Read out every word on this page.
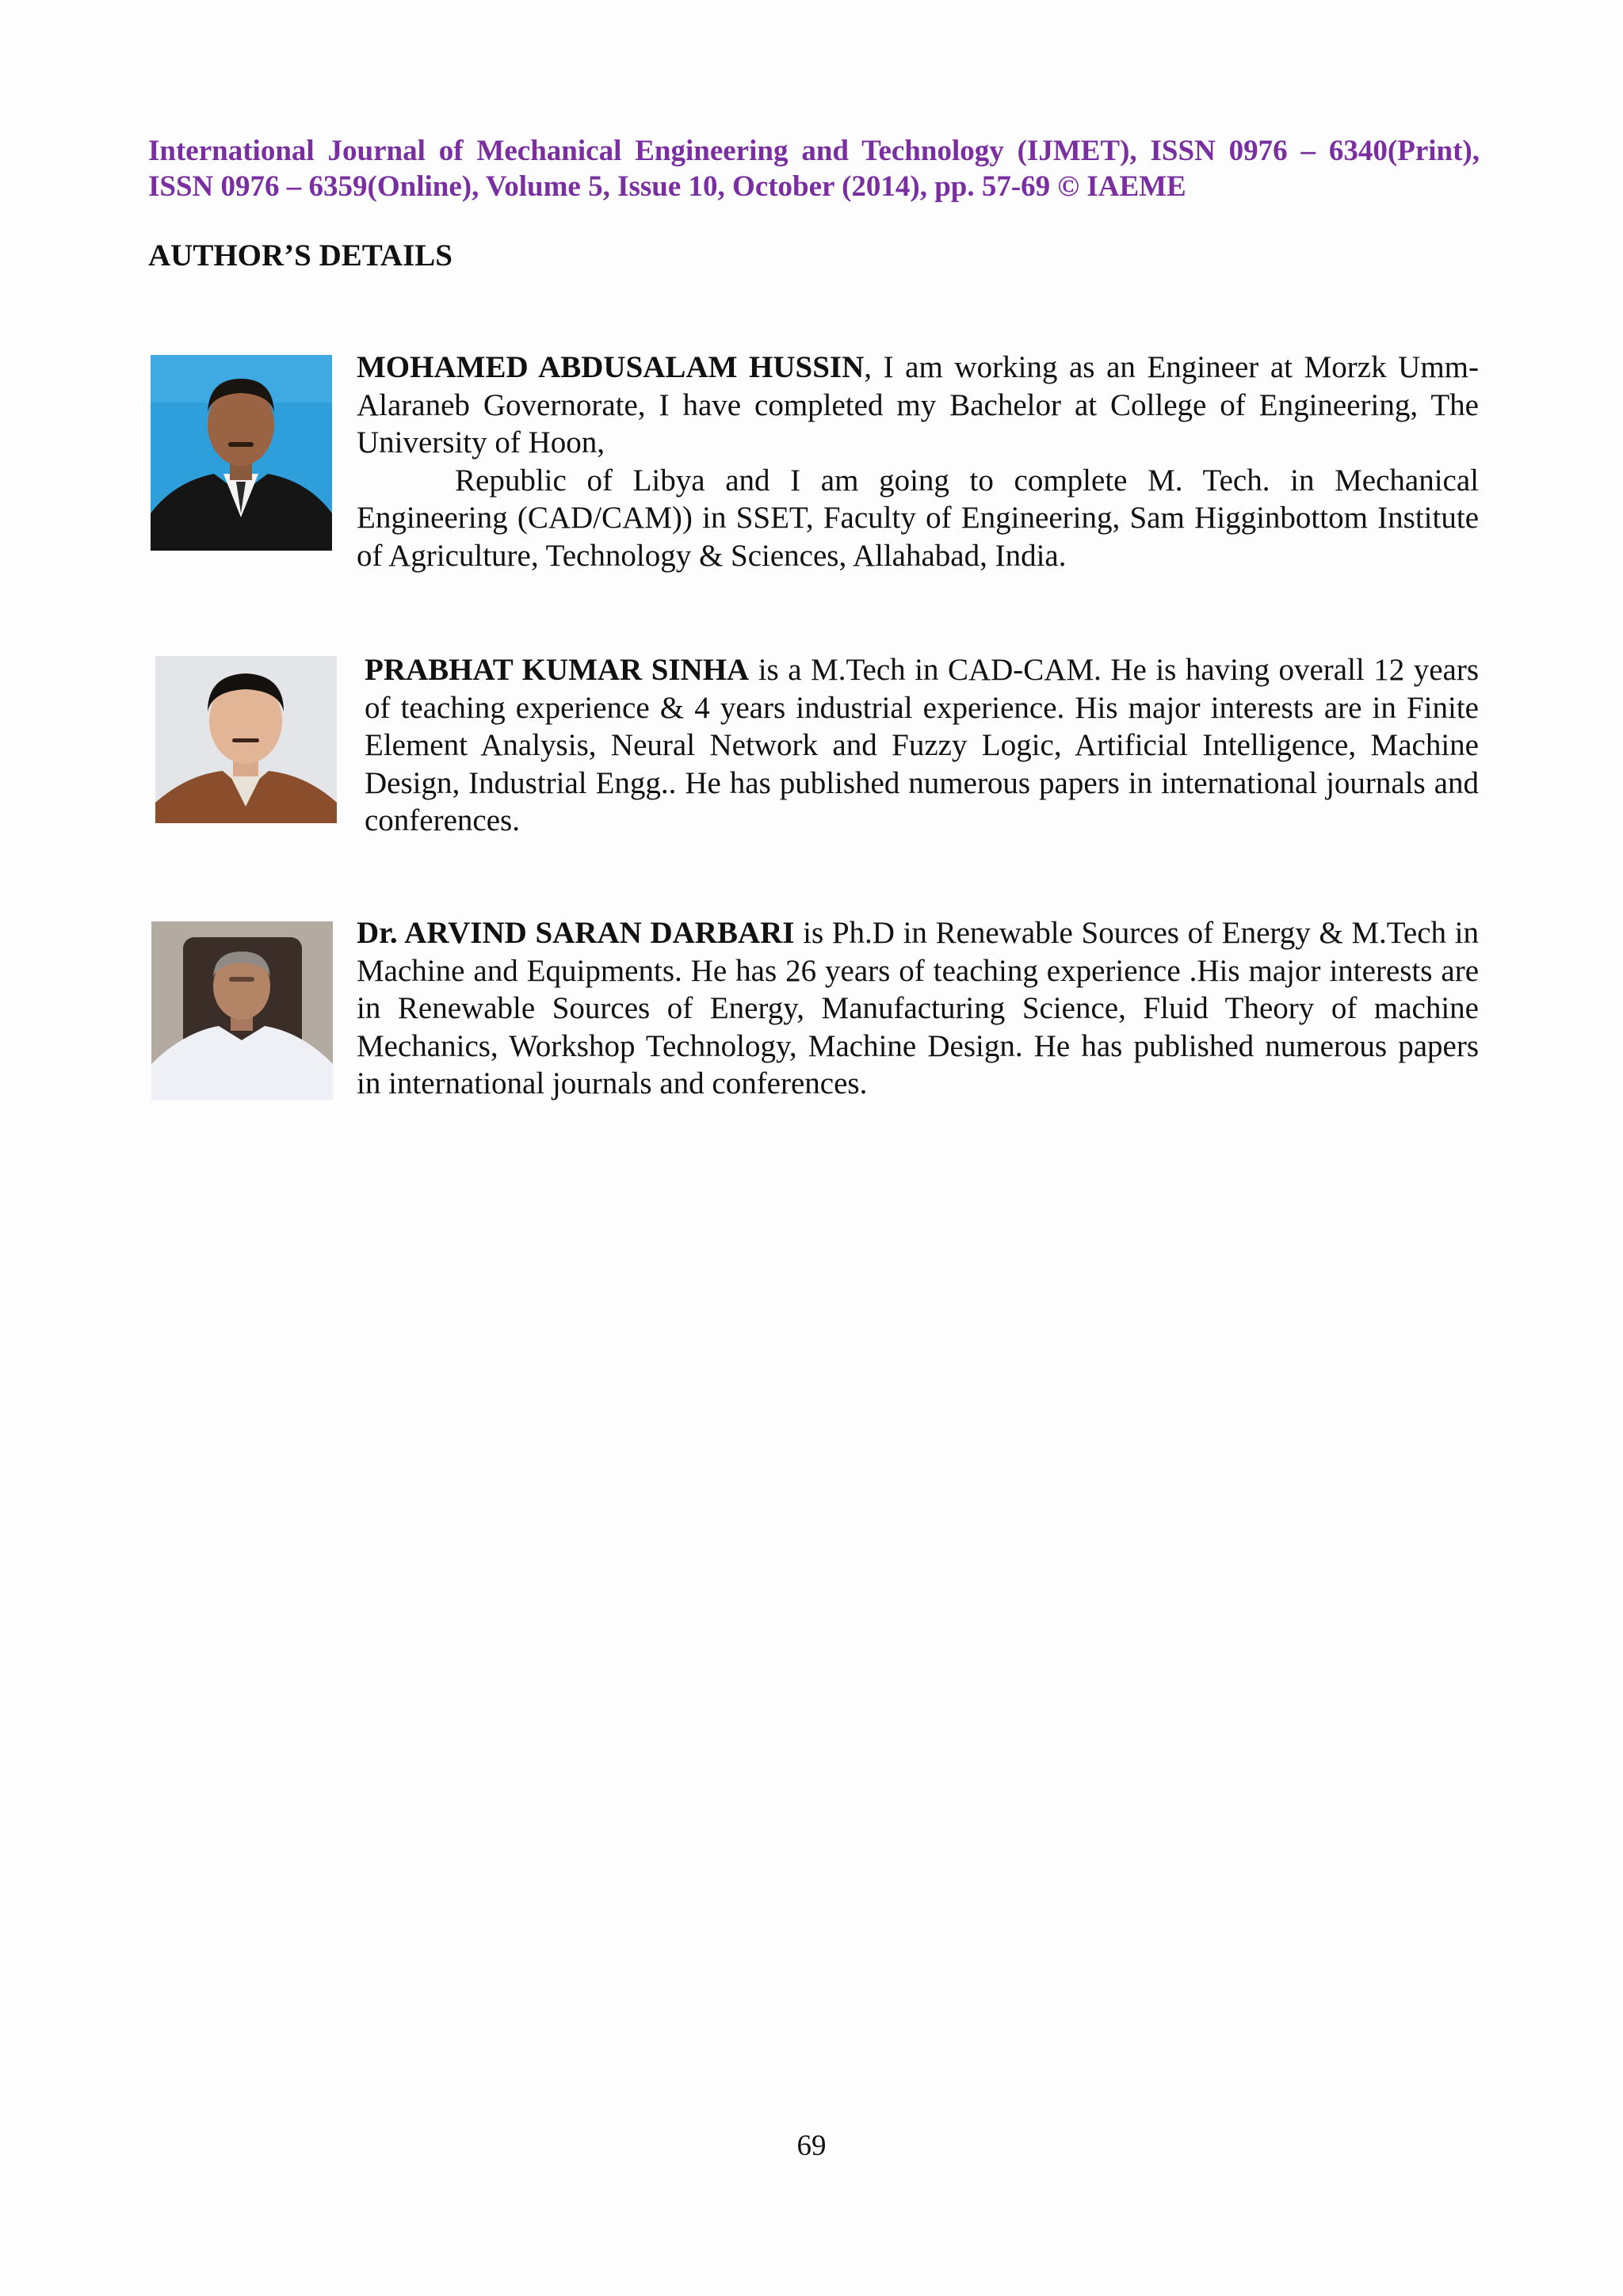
International Journal of Mechanical Engineering and Technology (IJMET), ISSN 0976 – 6340(Print),
ISSN 0976 – 6359(Online), Volume 5, Issue 10, October (2014), pp. 57-69 © IAEME
AUTHOR’S DETAILS
MOHAMED ABDUSALAM HUSSIN, I am working as an Engineer at Morzk Umm-Alaraneb Governorate, I have completed my Bachelor at College of Engineering, The University of Hoon,
Republic of Libya and I am going to complete M. Tech. in Mechanical Engineering (CAD/CAM)) in SSET, Faculty of Engineering, Sam Higginbottom Institute of Agriculture, Technology & Sciences, Allahabad, India.
PRABHAT KUMAR SINHA is a M.Tech in CAD-CAM. He is having overall 12 years of teaching experience & 4 years industrial experience. His major interests are in Finite Element Analysis, Neural Network and Fuzzy Logic, Artificial Intelligence, Machine Design, Industrial Engg.. He has published numerous papers in international journals and conferences.
Dr. ARVIND SARAN DARBARI is Ph.D in Renewable Sources of Energy & M.Tech in Machine and Equipments. He has 26 years of teaching experience .His major interests are in Renewable Sources of Energy, Manufacturing Science, Fluid Theory of machine Mechanics, Workshop Technology, Machine Design. He has published numerous papers in international journals and conferences.
69
